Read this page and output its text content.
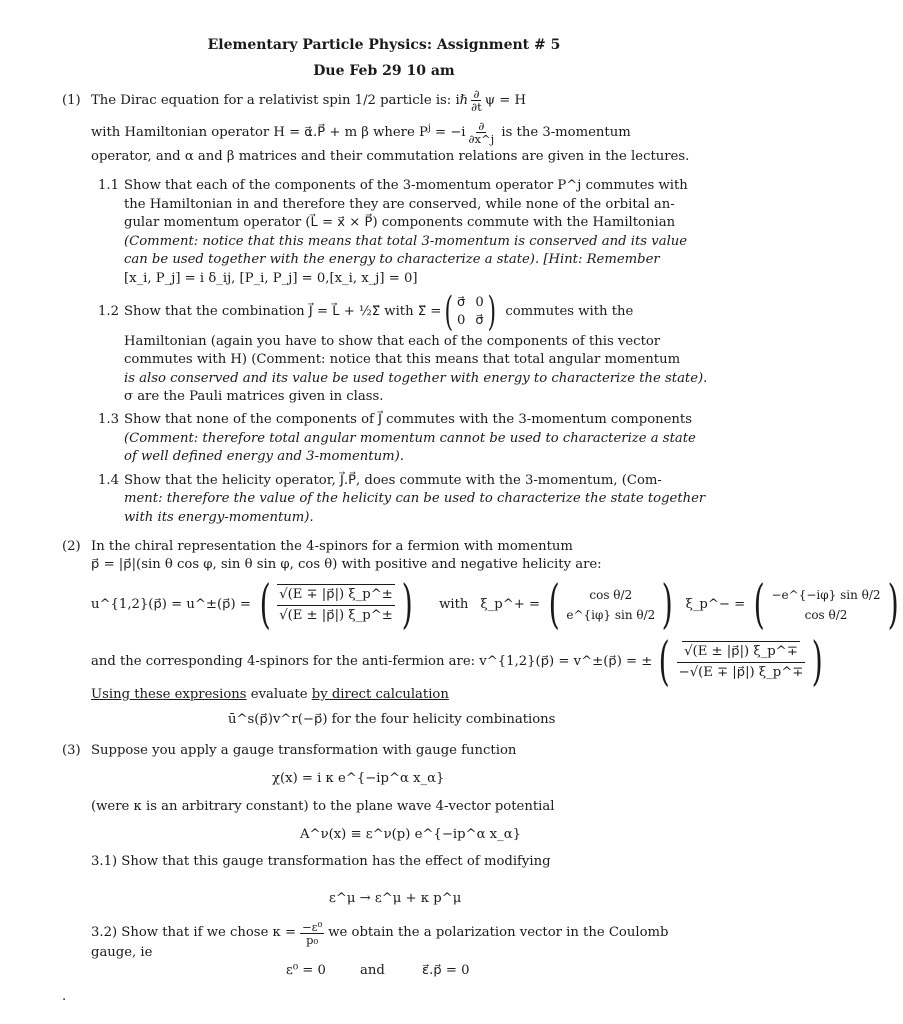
Elementary Particle Physics: Assignment # 5
Due Feb 29 10 am
(1) The Dirac equation for a relativist spin 1/2 particle is: iℏ $\frac{\partial}{\partial t}$ ψ = H
with Hamiltonian operator H = α⃗.P⃗ + m β where $P^j = -i \frac{\partial}{\partial x\^{}j}$ is the 3-momentum
operator, and α and β matrices and their commutation relations are given in the lectures.
1.1 Show that each of the components of the 3-momentum operator P^j commutes with
the Hamiltonian in and therefore they are conserved, while none of the orbital an-
gular momentum operator (L⃗ = x⃗ × P⃗) components commute with the Hamiltonian
(Comment: notice that this means that total 3-momentum is conserved and its value
can be used together with the energy to characterize a state). [Hint: Remember
[x_i, P_j] = i δ_ij, [P_i, P_j] = 0,[x_i, x_j] = 0]
1.2 Show that the combination J⃗ = L⃗ + ½Σ⃗ with Σ⃗ = ( σ⃗ 0
0 σ⃗ ) commutes with the
Hamiltonian (again you have to show that each of the components of this vector
commutes with H) (Comment: notice that this means that total angular momentum
is also conserved and its value be used together with energy to characterize the state).
σ are the Pauli matrices given in class.
1.3 Show that none of the components of J⃗ commutes with the 3-momentum components
(Comment: therefore total angular momentum cannot be used to characterize a state
of well defined energy and 3-momentum).
1.4 Show that the helicity operator, J⃗.P⃗, does commute with the 3-momentum, (Com-
ment: therefore the value of the helicity can be used to characterize the state together
with its energy-momentum).
(2) In the chiral representation the 4-spinors for a fermion with momentum
p⃗ = |p⃗|(sin θ cos φ, sin θ sin φ, cos θ) with positive and negative helicity are:
u^{1,2}(p⃗) = u^±(p⃗) = ( √(E ∓ |p⃗|) ξ_p^±
√(E ± |p⃗|) ξ_p^± ) with ξ_p^+ = ( cos θ/2
e^{iφ} sin θ/2 ) ξ_p^− = ( −e^{−iφ} sin θ/2
cos θ/2 )
and the corresponding 4-spinors for the anti-fermion are: v^{1,2}(p⃗) = v^±(p⃗) = ± ( √(E ± |p⃗|) ξ_p^∓
−√(E ∓ |p⃗|) ξ_p^∓ )
Using these expresions evaluate by direct calculation
ū^s(p⃗)v^r(−p⃗) for the four helicity combinations
(3) Suppose you apply a gauge transformation with gauge function
χ(x) = i κ e^{−ip^α x_α}
(were κ is an arbitrary constant) to the plane wave 4-vector potential
A^ν(x) ≡ ε^ν(p) e^{−ip^α x_α}
3.1) Show that this gauge transformation has the effect of modifying
ε^μ → ε^μ + κ p^μ
3.2) Show that if we chose $\kappa = \frac{\text{−ε⁰}}{\text{p₀}}$ we obtain the a polarization vector in the Coulomb
gauge, ie
ε⁰ = 0	and	ε⃗.p⃗ = 0
.
